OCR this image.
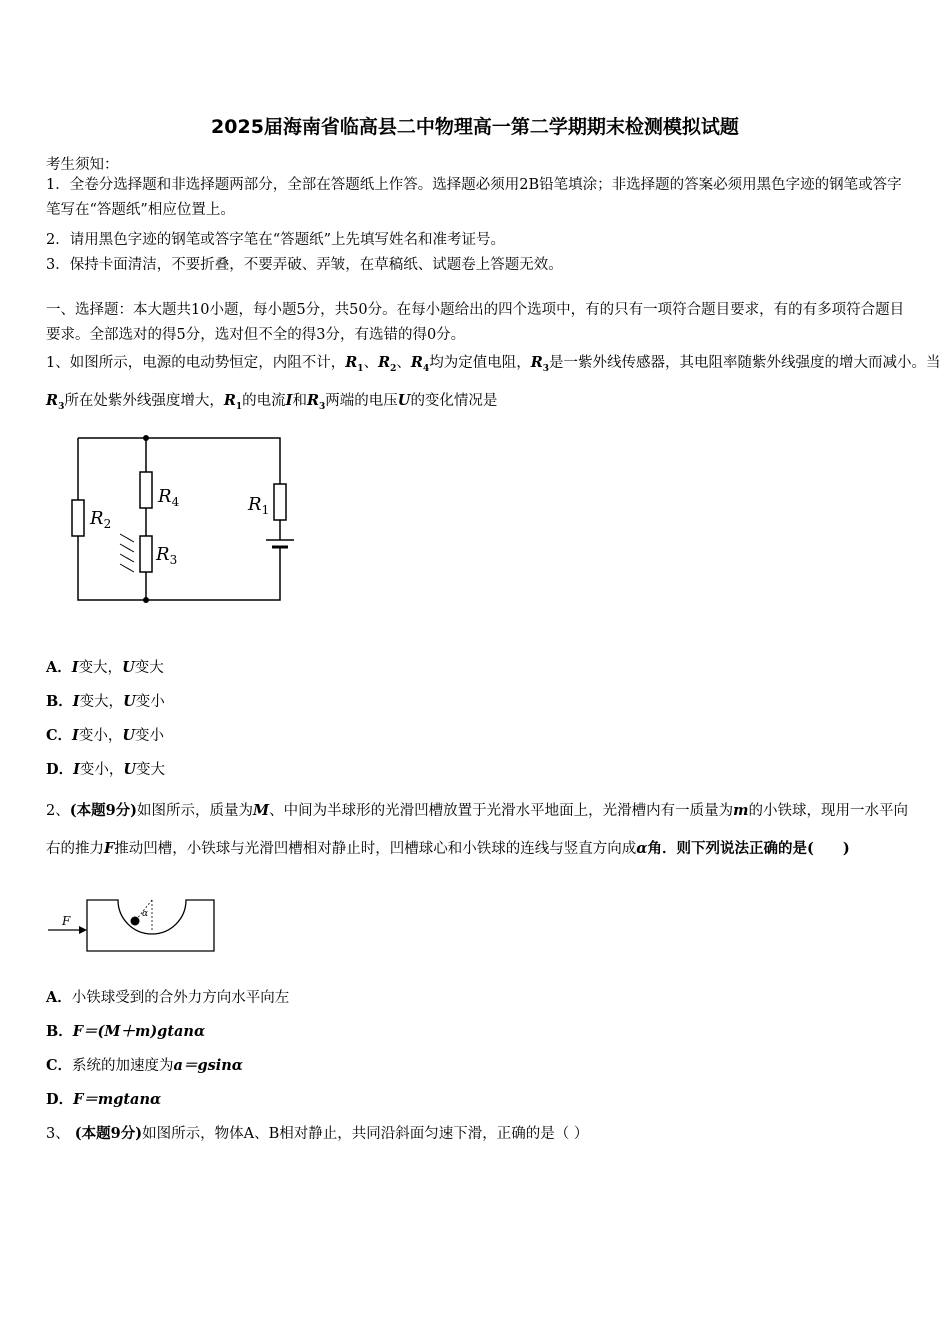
2025届海南省临高县二中物理高一第二学期期末检测模拟试题
考生须知：
1．全卷分选择题和非选择题两部分，全部在答题纸上作答。选择题必须用2B铅笔填涂；非选择题的答案必须用黑色字迹的钢笔或答字笔写在“答题纸”相应位置上。
2．请用黑色字迹的钢笔或答字笔在“答题纸”上先填写姓名和准考证号。
3．保持卡面清洁，不要折叠，不要弄破、弄皱，在草稿纸、试题卷上答题无效。
一、选择题：本大题共10小题，每小题5分，共50分。在每小题给出的四个选项中，有的只有一项符合题目要求，有的有多项符合题目要求。全部选对的得5分，选对但不全的得3分，有选错的得0分。
1、如图所示，电源的电动势恒定，内阻不计，$R_1$、$R_2$、$R_4$均为定值电阻，$R_3$是一紫外线传感器，其电阻率随紫外线强度的增大而减小。当
$R_3$所在处紫外线强度增大，$R_1$的电流I和$R_3$两端的电压U的变化情况是
$R_2$
$R_4$
$R_3$
$R_1$
A．I变大，U变大
B．I变大，U变小
C．I变小，U变小
D．I变小，U变大
2、(本题9分)如图所示，质量为M、中间为半球形的光滑凹槽放置于光滑水平地面上，光滑槽内有一质量为m的小铁球，现用一水平向右的推力F推动凹槽，小铁球与光滑凹槽相对静止时，凹槽球心和小铁球的连线与竖直方向成α角．则下列说法正确的是(　　)
F	α
A．小铁球受到的合外力方向水平向左
B．F＝(M＋m)gtanα
C．系统的加速度为a＝gsinα
D．F＝mgtanα
3、 (本题9分)如图所示，物体A、B相对静止，共同沿斜面匀速下滑，正确的是（ ）
